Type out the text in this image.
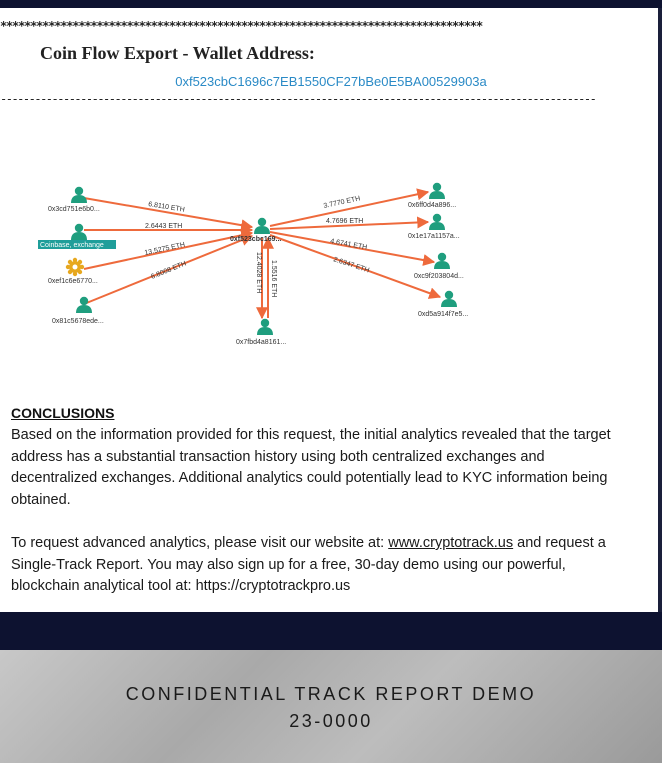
********************************************************************************
Coin Flow Export - Wallet Address:
0xf523cbC1696c7EB1550CF27bBe0E5BA00529903a
--------------------------------------------------------------------------------------------------------
6.8110 ETH
2.6443 ETH
13.5275 ETH
6.8008 ETH	1.5516 ETH
12.4028 ETH
3.7770 ETH
4.7696 ETH
4.6741 ETH
2.6347 ETH
0x3cd751e6b0...
Coinbase, exchange
0xef1c6e6770...
0x81c5678ede...
0xf523cbc169...
0x7fbd4a8161...
0x6ff0d4a896...
0x1e17a1157a...
0xc9f203804d...
0xd5a914f7e5...
CONCLUSIONS
Based on the information provided for this request, the initial analytics revealed that the target address has a substantial transaction history using both centralized exchanges and decentralized exchanges. Additional analytics could potentially lead to KYC information being obtained.
To request advanced analytics, please visit our website at: www.cryptotrack.us and request a Single-Track Report. You may also sign up for a free, 30-day demo using our powerful, blockchain analytical tool at: https://cryptotrackpro.us
CONFIDENTIAL TRACK REPORT DEMO
23-0000
